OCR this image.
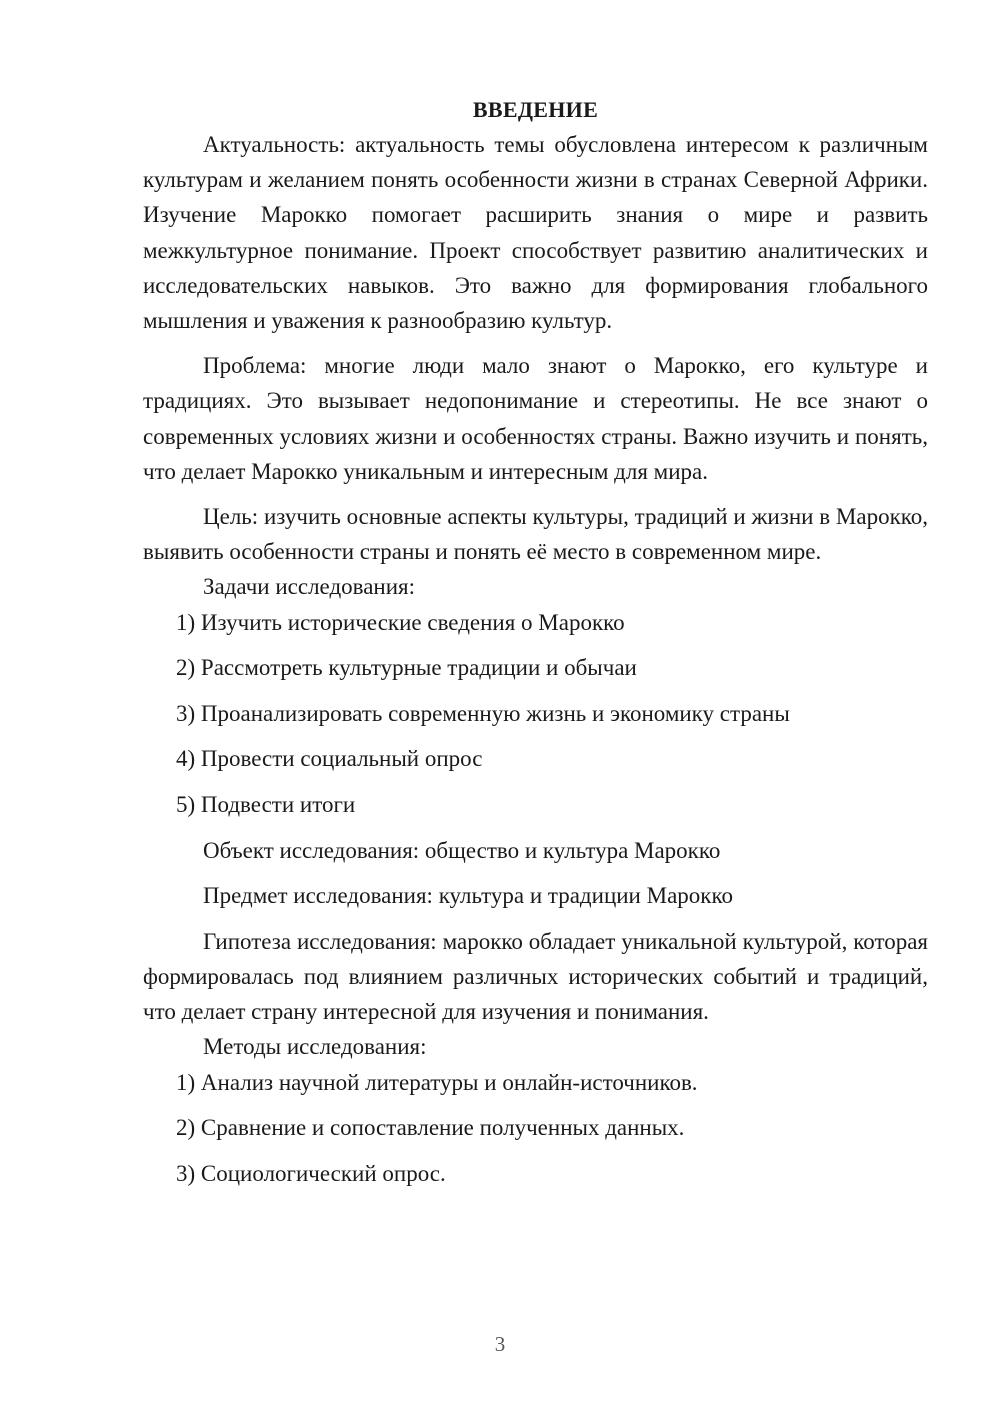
ВВЕДЕНИЕ

Актуальность: актуальность темы обусловлена интересом к различным культурам и желанием понять особенности жизни в странах Северной Африки. Изучение Марокко помогает расширить знания о мире и развить межкультурное понимание. Проект способствует развитию аналитических и исследовательских навыков. Это важно для формирования глобального мышления и уважения к разнообразию культур.

Проблема: многие люди мало знают о Марокко, его культуре и традициях. Это вызывает недопонимание и стереотипы. Не все знают о современных условиях жизни и особенностях страны. Важно изучить и понять, что делает Марокко уникальным и интересным для мира.

Цель: изучить основные аспекты культуры, традиций и жизни в Марокко, выявить особенности страны и понять её место в современном мире.

Задачи исследования:

1) Изучить исторические сведения о Марокко
2) Рассмотреть культурные традиции и обычаи
3) Проанализировать современную жизнь и экономику страны
4) Провести социальный опрос
5) Подвести итоги

Объект исследования: общество и культура Марокко

Предмет исследования: культура и традиции Марокко

Гипотеза исследования: марокко обладает уникальной культурой, которая формировалась под влиянием различных исторических событий и традиций, что делает страну интересной для изучения и понимания.

Методы исследования:

1) Анализ научной литературы и онлайн-источников.
2) Сравнение и сопоставление полученных данных.
3) Социологический опрос.
3
